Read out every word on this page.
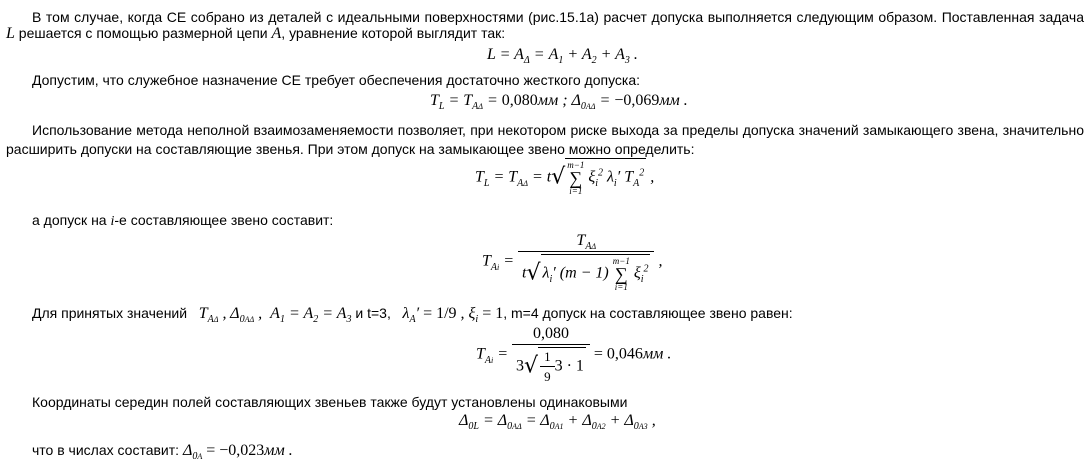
В том случае, когда СЕ собрано из деталей с идеальными поверхностями (рис.15.1а) расчет допуска выполняется следующим образом. Поставленная задача L решается с помощью размерной цепи A, уравнение которой выглядит так:
$L = A_\Delta = A_1 + A_2 + A_3$ .
Допустим, что служебное назначение СЕ требует обеспечения достаточно жесткого допуска:
$T_L = T_{A\Delta} = 0,080мм$ ; $\Delta_{0A\Delta} = -0,069мм$ .
Использование метода неполной взаимозаменяемости позволяет, при некотором риске выхода за пределы допуска значений замыкающего звена, значительно расширить допуски на составляющие звенья. При этом допуск на замыкающее звено можно определить:
$T_L = T_{A\Delta} = t√$ m−1
∑
i=1
$\xi_i^2$ $\lambda_i'$ $T_A^2$ ,
а допуск на i-е составляющее звено составит:
$T_{Ai} = T_{A\Delta}$
t√ $\lambda_i'$ (m − 1)
m−1
∑
i=1
$\xi_i^2$ ,
Для принятых значений $T_{A\Delta}$ , $\Delta_{0A\Delta}$ ,  $A_1 = A_2 = A_3$ и t=3, $\lambda_A' = 1/9$ , $\xi_i = 1$, m=4 допуск на составляющее звено равен:
$T_{Ai} = \frac{0,080}{3√ \frac{1}{9} 3 \cdot 1} = 0,046мм$ .
Координаты середин полей составляющих звеньев также будут установлены одинаковыми
$\Delta_{0L} = \Delta_{0A\Delta} = \Delta_{0A1} + \Delta_{0A2} + \Delta_{0A3}$ ,
что в числах составит: $\Delta_{0A} = -0,023мм$ .
